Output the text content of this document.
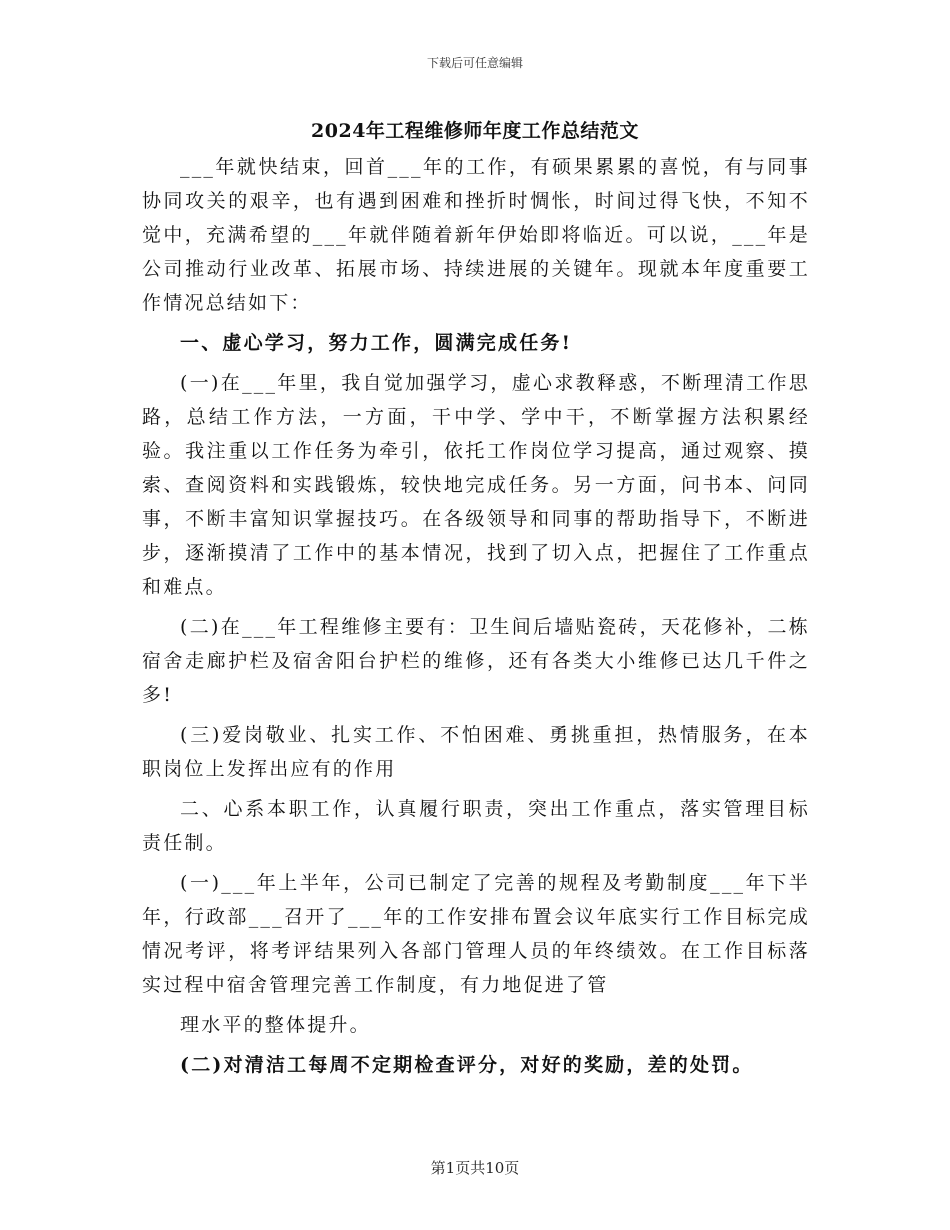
下载后可任意编辑
2024年工程维修师年度工作总结范文

___年就快结束，回首___年的工作，有硕果累累的喜悦，有与同事协同攻关的艰辛，也有遇到困难和挫折时惆怅，时间过得飞快，不知不觉中，充满希望的___年就伴随着新年伊始即将临近。可以说，___年是公司推动行业改革、拓展市场、持续进展的关键年。现就本年度重要工作情况总结如下：

一、虚心学习，努力工作，圆满完成任务!

(一)在___年里，我自觉加强学习，虚心求教释惑，不断理清工作思路，总结工作方法，一方面，干中学、学中干，不断掌握方法积累经验。我注重以工作任务为牵引，依托工作岗位学习提高，通过观察、摸索、查阅资料和实践锻炼，较快地完成任务。另一方面，问书本、问同事，不断丰富知识掌握技巧。在各级领导和同事的帮助指导下，不断进步，逐渐摸清了工作中的基本情况，找到了切入点，把握住了工作重点和难点。

(二)在___年工程维修主要有：卫生间后墙贴瓷砖，天花修补，二栋宿舍走廊护栏及宿舍阳台护栏的维修，还有各类大小维修已达几千件之多!

(三)爱岗敬业、扎实工作、不怕困难、勇挑重担，热情服务，在本职岗位上发挥出应有的作用

二、心系本职工作，认真履行职责，突出工作重点，落实管理目标责任制。

(一)___年上半年，公司已制定了完善的规程及考勤制度___年下半年，行政部___召开了___年的工作安排布置会议年底实行工作目标完成情况考评，将考评结果列入各部门管理人员的年终绩效。在工作目标落实过程中宿舍管理完善工作制度，有力地促进了管

理水平的整体提升。

(二)对清洁工每周不定期检查评分，对好的奖励，差的处罚。

第1页共10页
